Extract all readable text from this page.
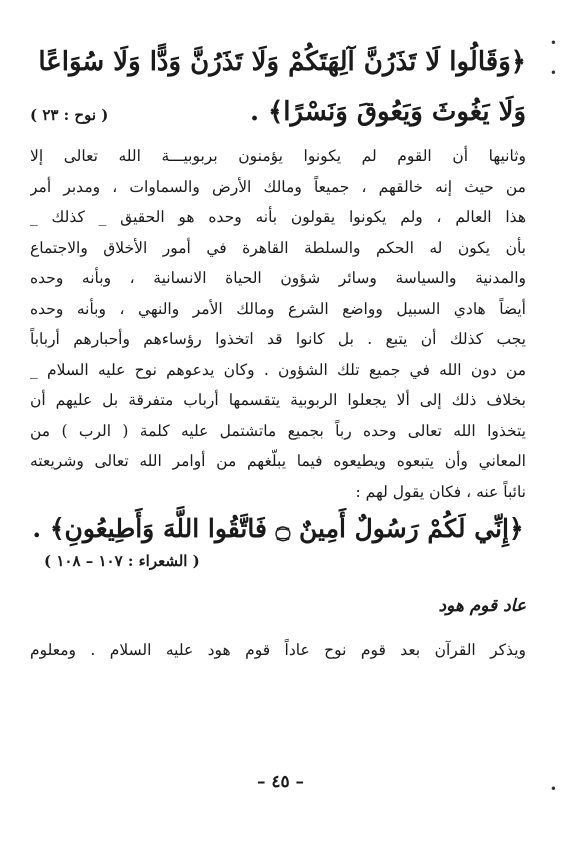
﴿وَقَالُوا لَا تَذَرُنَّ آلِهَتَكُمْ وَلَا تَذَرُنَّ وَدًّا وَلَا سُوَاعًا
وَلَا يَغُوثَ وَيَعُوقَ وَنَسْرًا﴾ .
( نوح : ٢٣ )
وثانيها أن القوم لم يكونوا يؤمنون بربوبيـــة الله تعالى إلا
من حيث إنه خالقهم ، جميعاً ومالك الأرض والسماوات ، ومدبر أمر
هذا العالم ، ولم يكونوا يقولون بأنه وحده هو الحقيق _ كذلك _
بأن يكون له الحكم والسلطة القاهرة في أمور الأخلاق والاجتماع
والمدنية والسياسة وسائر شؤون الحياة الانسانية ، وبأنه وحده
أيضاً هادي السبيل وواضع الشرع ومالك الأمر والنهي ، وبأنه وحده
يجب كذلك أن يتبع . بل كانوا قد اتخذوا رؤساءهم وأحبارهم أرباباً
من دون الله في جميع تلك الشؤون . وكان يدعوهم نوح عليه السلام _
بخلاف ذلك إلى ألا يجعلوا الربوبية يتقسمها أرباب متفرقة بل عليهم أن
يتخذوا الله تعالى وحده رباً بجميع ماتشتمل عليه كلمة ( الرب ) من
المعاني وأن يتبعوه ويطيعوه فيما يبلّغهم من أوامر الله تعالى وشريعته
نائباً عنه ، فكان يقول لهم :
﴿إِنِّي لَكُمْ رَسُولٌ أَمِينٌ ۝ فَاتَّقُوا اللَّهَ وَأَطِيعُونِ﴾ .
( الشعراء : ١٠٧ – ١٠٨ )
عاد قوم هود
ويذكر القرآن بعد قوم نوح عاداً قوم هود عليه السلام . ومعلوم
– ٤٥ –
•
•
•
